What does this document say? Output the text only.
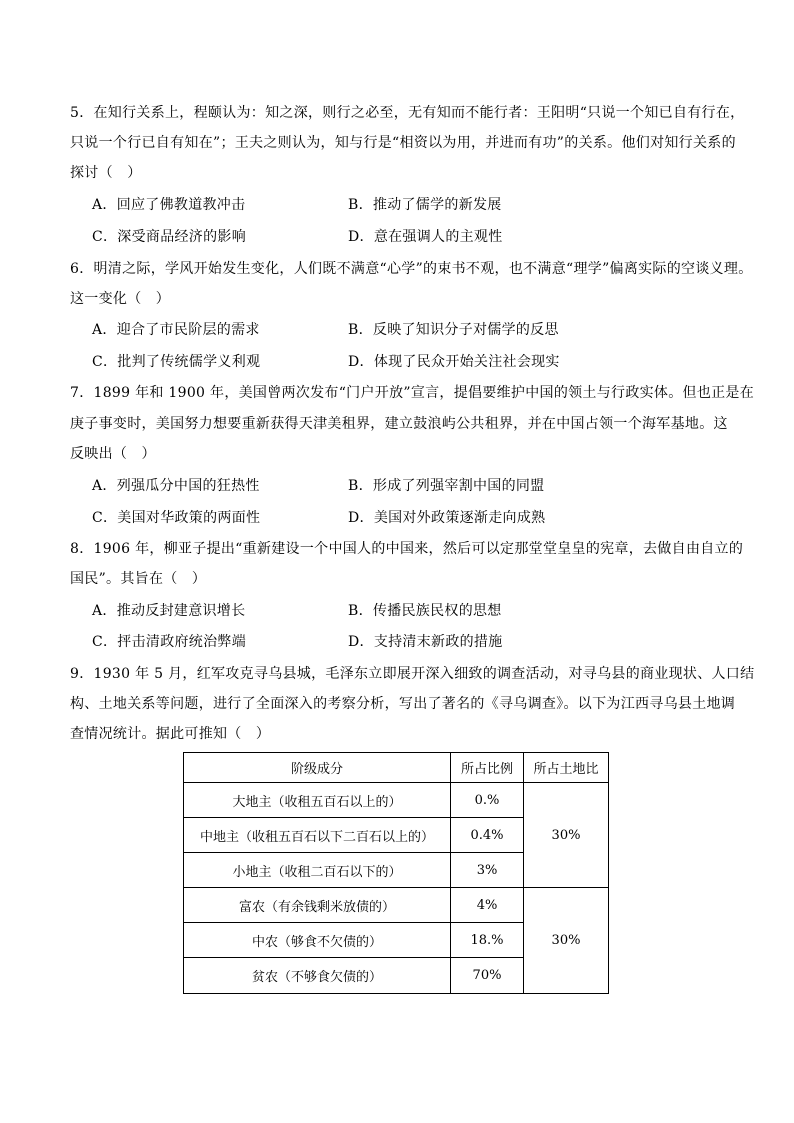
5．在知行关系上，程颐认为：知之深，则行之必至，无有知而不能行者：王阳明“只说一个知已自有行在，
只说一个行已自有知在”；王夫之则认为，知与行是“相资以为用，并进而有功”的关系。他们对知行关系的
探讨（　）
A．回应了佛教道教冲击	B．推动了儒学的新发展
C．深受商品经济的影响	D．意在强调人的主观性
6．明清之际，学风开始发生变化，人们既不满意“心学”的束书不观，也不满意“理学”偏离实际的空谈义理。
这一变化（　）
A．迎合了市民阶层的需求	B．反映了知识分子对儒学的反思
C．批判了传统儒学义利观	D．体现了民众开始关注社会现实
7．1899 年和 1900 年，美国曾两次发布“门户开放”宣言，提倡要维护中国的领土与行政实体。但也正是在
庚子事变时，美国努力想要重新获得天津美租界，建立鼓浪屿公共租界，并在中国占领一个海军基地。这
反映出（　）
A．列强瓜分中国的狂热性	B．形成了列强宰割中国的同盟
C．美国对华政策的两面性	D．美国对外政策逐渐走向成熟
8．1906 年，柳亚子提出“重新建设一个中国人的中国来，然后可以定那堂堂皇皇的宪章，去做自由自立的
国民”。其旨在（　）
A．推动反封建意识增长	B．传播民族民权的思想
C．抨击清政府统治弊端	D．支持清末新政的措施
9．1930 年 5 月，红军攻克寻乌县城，毛泽东立即展开深入细致的调查活动，对寻乌县的商业现状、人口结
构、土地关系等问题，进行了全面深入的考察分析，写出了著名的《寻乌调查》。以下为江西寻乌县土地调
查情况统计。据此可推知（　）
阶级成分	所占比例	所占土地比
大地主（收租五百石以上的）	0.%	30%
中地主（收租五百石以下二百石以上的）	0.4%	
小地主（收租二百石以下的）	3%	
富农（有余钱剩米放债的）	4%	30%
中农（够食不欠债的）	18.%	
贫农（不够食欠债的）	70%	
